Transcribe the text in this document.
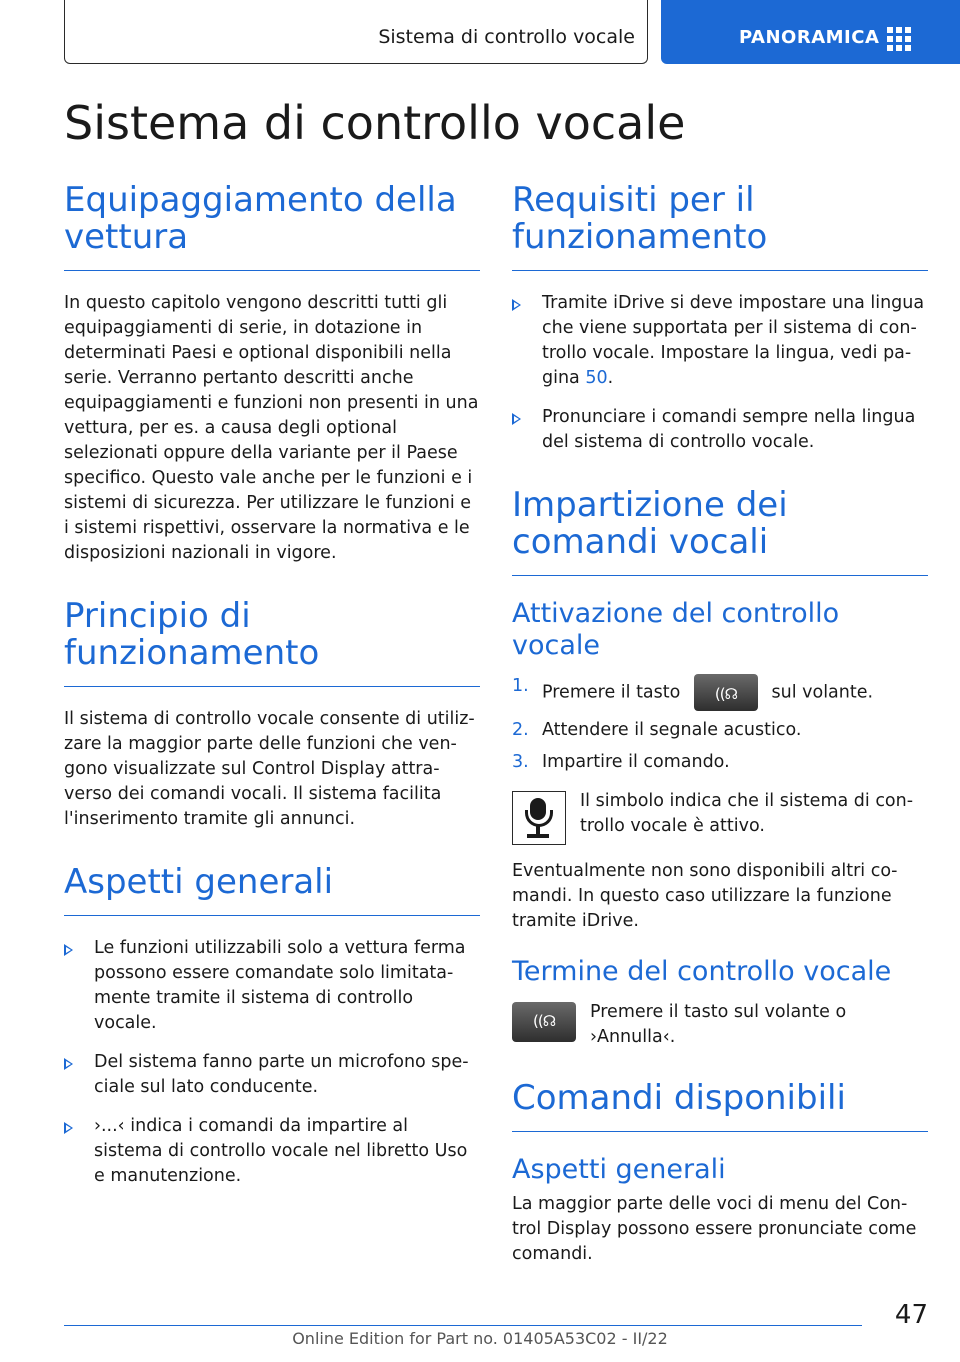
Sistema di controllo vocale	PANORAMICA
Sistema di controllo vocale
Equipaggiamento della vettura

In questo capitolo vengono descritti tutti gli equipaggiamenti di serie, in dotazione in determinati Paesi e optional disponibili nella serie. Verranno pertanto descritti anche equipaggiamenti e funzioni non presenti in una vettura, per es. a causa degli optional selezionati oppure della variante per il Paese specifico. Questo vale anche per le funzioni e i sistemi di sicurezza. Per utilizzare le funzioni e i sistemi rispettivi, osservare la normativa e le disposizioni nazionali in vigore.

Principio di funzionamento

Il sistema di controllo vocale consente di utilizzare la maggior parte delle funzioni che vengono visualizzate sul Control Display attraverso dei comandi vocali. Il sistema facilita l'inserimento tramite gli annunci.

Aspetti generali
Le funzioni utilizzabili solo a vettura ferma possono essere comandate solo limitatamente tramite il sistema di controllo vocale.
Del sistema fanno parte un microfono speciale sul lato conducente.
›...‹ indica i comandi da impartire al sistema di controllo vocale nel libretto Uso e manutenzione.
Requisiti per il funzionamento
Tramite iDrive si deve impostare una lingua che viene supportata per il sistema di controllo vocale. Impostare la lingua, vedi pagina 50.
Pronunciare i comandi sempre nella lingua del sistema di controllo vocale.
Impartizione dei comandi vocali
Attivazione del controllo vocale
1. Premere il tasto	((☊	sul volante.
2. Attendere il segnale acustico.
3. Impartire il comando.

Il simbolo indica che il sistema di controllo vocale è attivo.

Eventualmente non sono disponibili altri comandi. In questo caso utilizzare la funzione tramite iDrive.

Termine del controllo vocale
((☊	Premere il tasto sul volante o ›Annulla‹.

Comandi disponibili
Aspetti generali

La maggior parte delle voci di menu del Control Display possono essere pronunciate come comandi.

47
Online Edition for Part no. 01405A53C02 - II/22
